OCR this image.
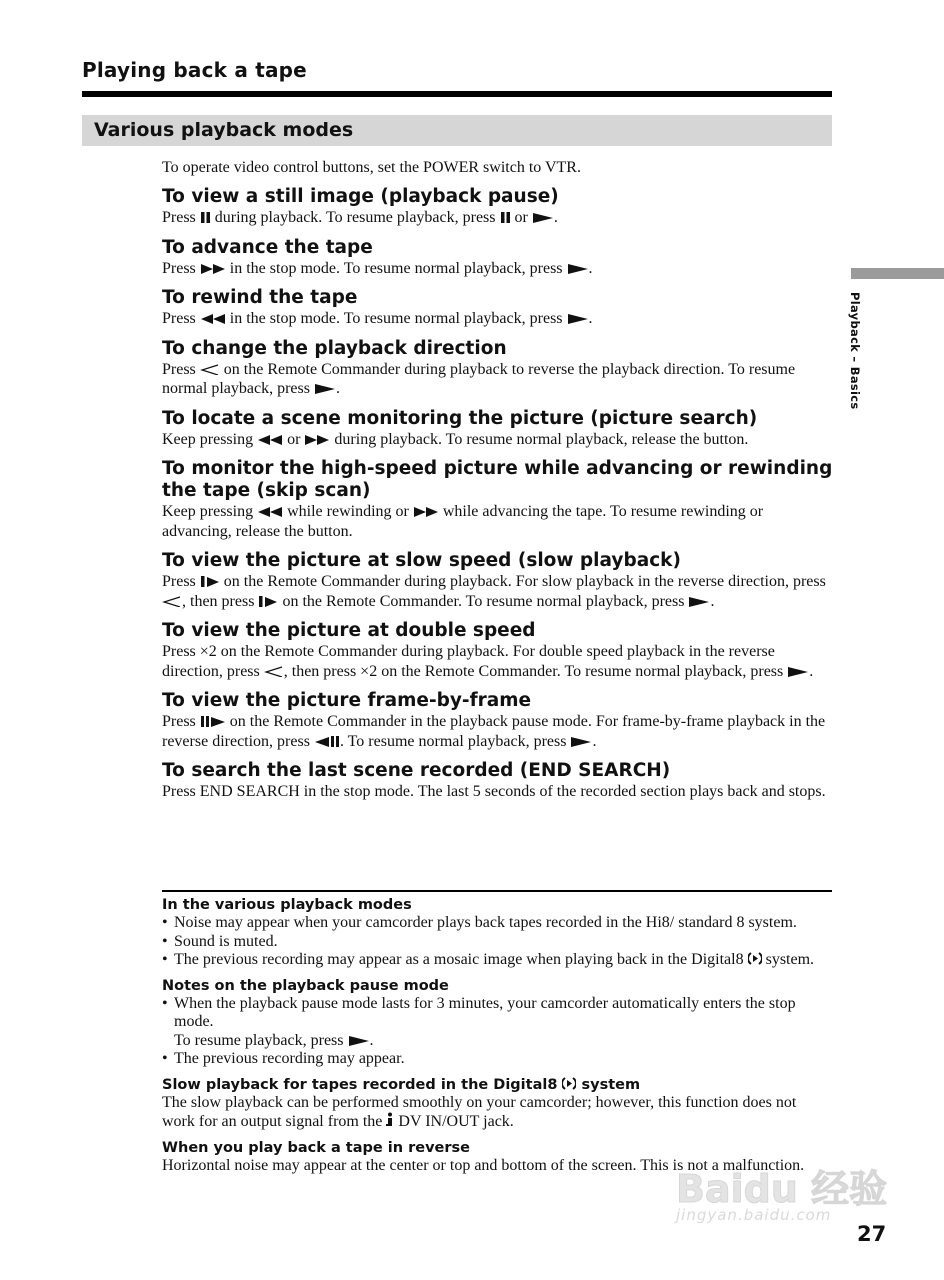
Playing back a tape
Various playback modes
Playback – Basics
To operate video control buttons, set the POWER switch to VTR.
To view a still image (playback pause)

Press
during playback. To resume playback, press
or
.

To advance the tape

Press
in the stop mode. To resume normal playback, press
.

To rewind the tape

Press
in the stop mode. To resume normal playback, press
.

To change the playback direction

Press
on the Remote Commander during playback to reverse the playback direction. To resume normal playback, press
.

To locate a scene monitoring the picture (picture search)

Keep pressing
or
during playback. To resume normal playback, release the button.

To monitor the high-speed picture while advancing or rewinding the tape (skip scan)

Keep pressing
while rewinding or
while advancing the tape. To resume rewinding or advancing, release the button.

To view the picture at slow speed (slow playback)

Press
on the Remote Commander during playback. For slow playback in the reverse direction, press
, then press
on the Remote Commander. To resume normal playback, press
.

To view the picture at double speed

Press ×2 on the Remote Commander during playback. For double speed playback in the reverse direction, press
, then press ×2 on the Remote Commander. To resume normal playback, press
.

To view the picture frame-by-frame

Press
on the Remote Commander in the playback pause mode. For frame-by-frame playback in the reverse direction, press
. To resume normal playback, press
.

To search the last scene recorded (END SEARCH)

Press END SEARCH in the stop mode. The last 5 seconds of the recorded section plays back and stops.

In the various playback modes
• Noise may appear when your camcorder plays back tapes recorded in the Hi8/ standard 8 system.
• Sound is muted.
• The previous recording may appear as a mosaic image when playing back in the Digital8
system.
Notes on the playback pause mode
• When the playback pause mode lasts for 3 minutes, your camcorder automatically enters the stop mode.
To resume playback, press
.
• The previous recording may appear.
Slow playback for tapes recorded in the Digital8
system
The slow playback can be performed smoothly on your camcorder; however, this function does not work for an output signal from the
DV IN/OUT jack.
When you play back a tape in reverse
Horizontal noise may appear at the center or top and bottom of the screen. This is not a malfunction.
Baidu 经验
jingyan.baidu.com
27
